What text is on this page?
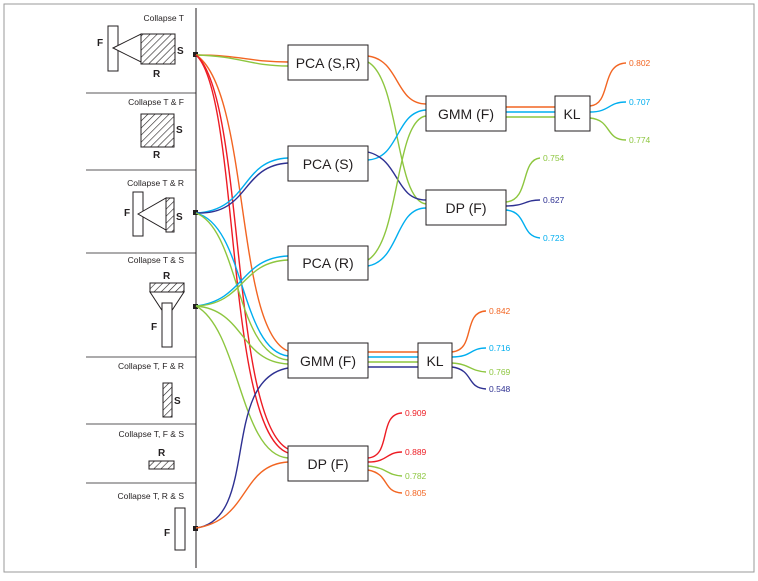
Collapse T
Collapse T & F
Collapse T & R
Collapse T & S
Collapse T, F & R
Collapse T, F & S
Collapse T, R & S
F
S
R
S
R
F	S
R
F
S
R
F
PCA (S,R)
PCA (S)
PCA (R)
GMM (F)
DP (F)
GMM (F)
DP (F)
KL
KL
0.802
0.707
0.774
0.754
0.627
0.723
0.842
0.716
0.769
0.548
0.909
0.889
0.782
0.805
